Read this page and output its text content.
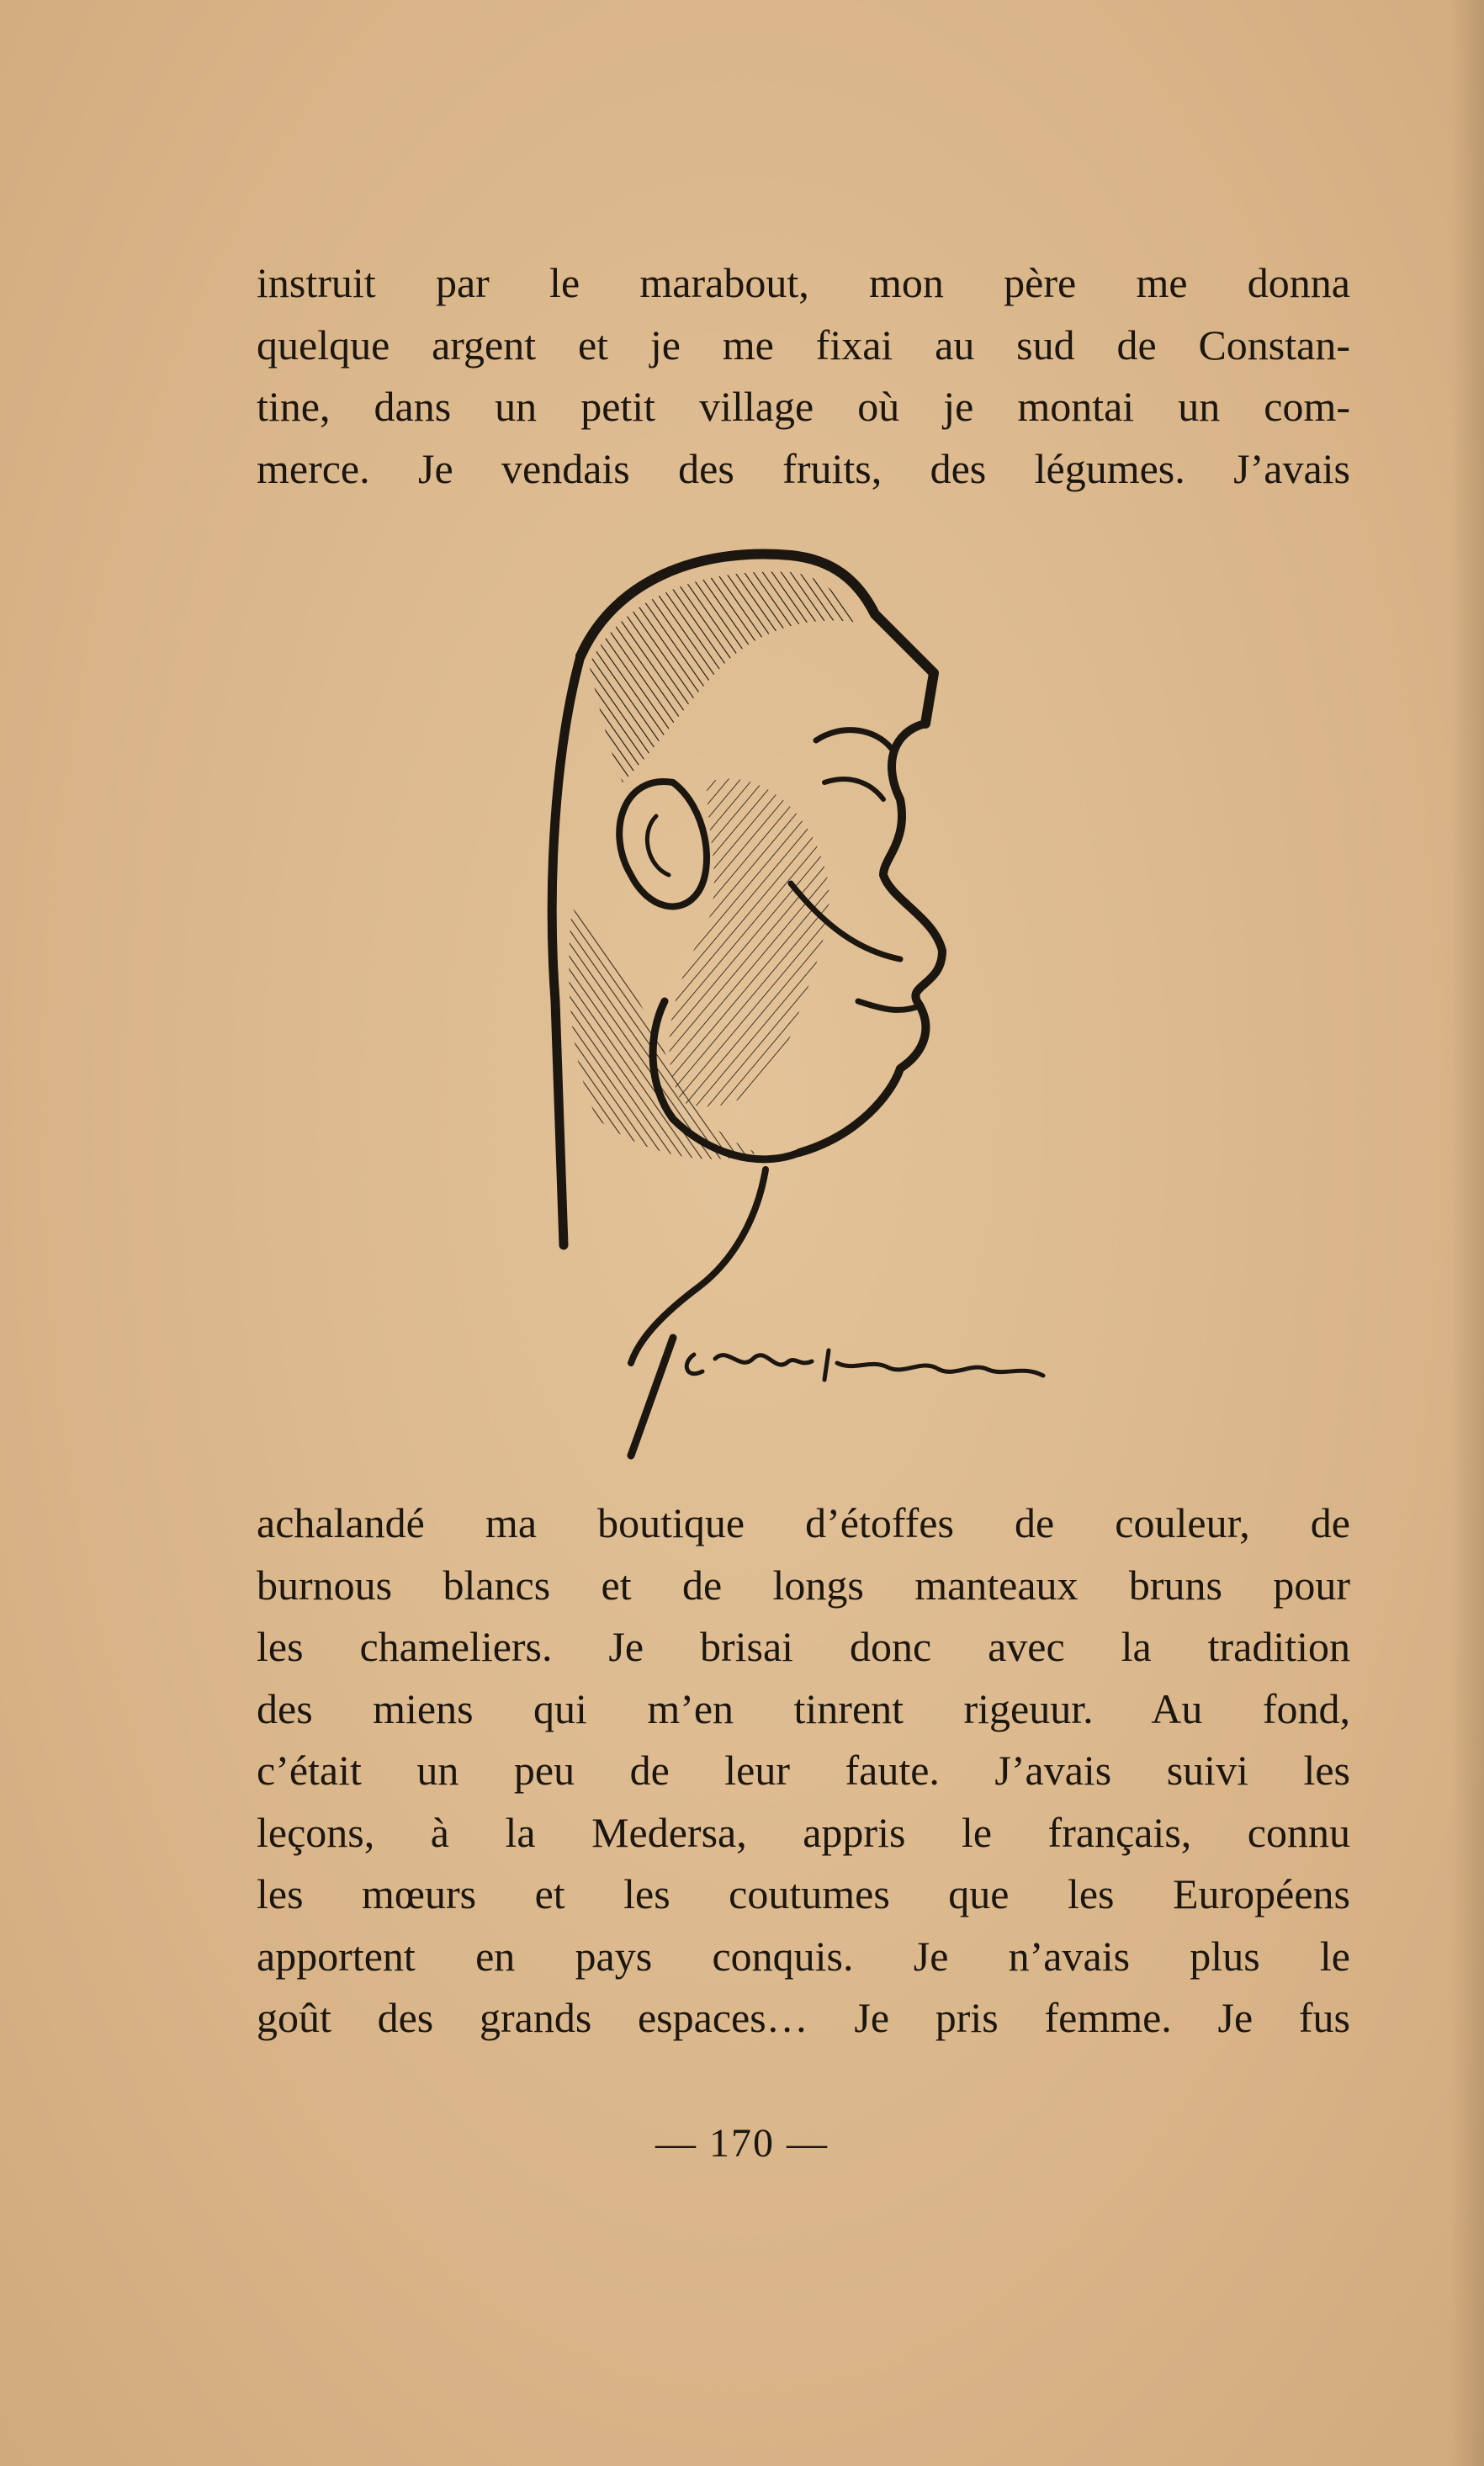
instruit par le marabout, mon père me donna

quelque argent et je me fixai au sud de Constan-

tine, dans un petit village où je montai un com-

merce. Je vendais des fruits, des légumes. J’avais

achalandé ma boutique d’étoffes de couleur, de

burnous blancs et de longs manteaux bruns pour

les chameliers. Je brisai donc avec la tradition

des miens qui m’en tinrent rigeuur. Au fond,

c’était un peu de leur faute. J’avais suivi les

leçons, à la Medersa, appris le français, connu

les mœurs et les coutumes que les Européens

apportent en pays conquis. Je n’avais plus le

goût des grands espaces… Je pris femme. Je fus

— 170 —
